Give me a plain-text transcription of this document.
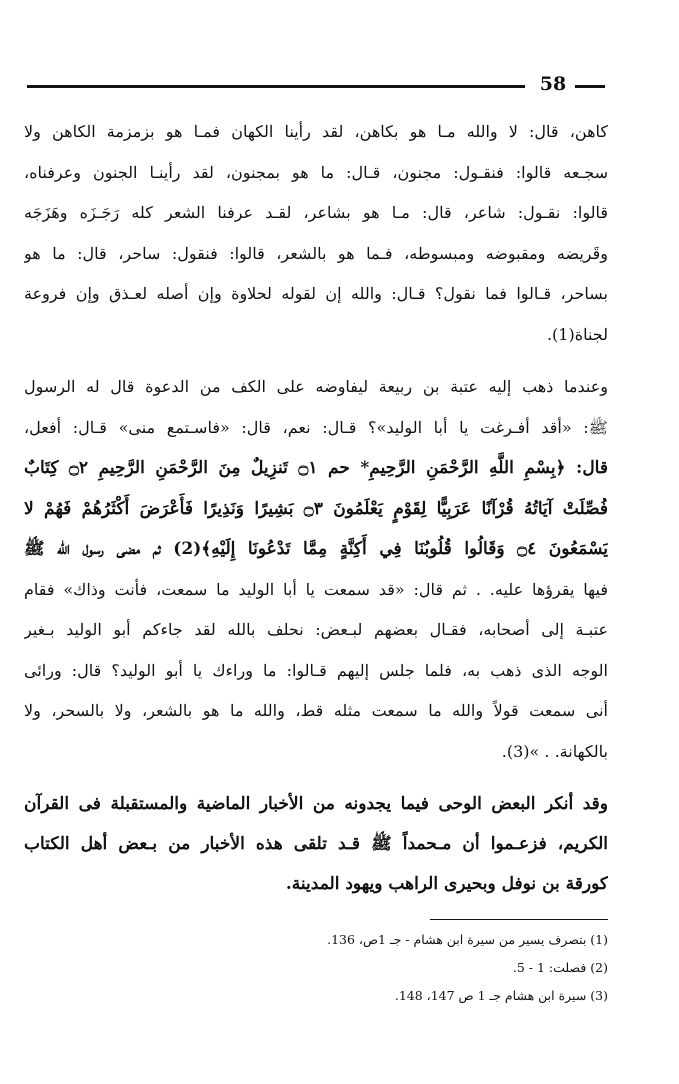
58
كاهن، قال: لا والله مـا هو بكاهن، لقد رأينا الكهان فمـا هو بزمزمة الكاهن ولا
سجـعه قالوا: فنقـول: مجنون، قـال: ما هو بمجنون، لقد رأينـا الجنون وعرفناه،
قالوا: نقـول: شاعر، قال: مـا هو بشاعر، لقـد عرفنا الشعر كله رَجَـزَه وهَزَجَه
وقَريضه ومقبوضه ومبسوطه، فـما هو بالشعر، قالوا: فنقول: ساحر، قال: ما هو
بساحر، قـالوا فما نقول؟ قـال: والله إن لقوله لحلاوة وإن أصله لعـذق وإن فروعة
لجناة(1).
وعندما ذهب إليه عتبة بن ربيعة ليفاوضه على الكف من الدعوة قال له الرسول
ﷺ: «أقد أفـرغت يا أبا الوليد»؟ قـال: نعم، قال: «فاسـتمع منى» قـال: أفعل،
قال: ﴿بِسْمِ اللَّهِ الرَّحْمَنِ الرَّحِيمِ* حم ۝١ تَنزِيلٌ مِنَ الرَّحْمَنِ الرَّحِيمِ ۝٢ كِتَابٌ
فُصِّلَتْ آيَاتُهُ قُرْآنًا عَرَبِيًّا لِقَوْمٍ يَعْلَمُونَ ۝٣ بَشِيرًا وَنَذِيرًا فَأَعْرَضَ أَكْثَرُهُمْ فَهُمْ لا
يَسْمَعُونَ ۝٤ وَقَالُوا قُلُوبُنَا فِي أَكِنَّةٍ مِمَّا تَدْعُونَا إِلَيْهِ﴾(2) ثم مضى رسول الله ﷺ
فيها يقرؤها عليه. . ثم قال: «قد سمعت يا أبا الوليد ما سمعت، فأنت وذاك» فقام
عتبـة إلى أصحابه، فقـال بعضهم لبـعض: نحلف بالله لقد جاءكم أبو الوليد بـغير
الوجه الذى ذهب به، فلما جلس إليهم قـالوا: ما وراءك يا أبو الوليد؟ قال: ورائى
أنى سمعت قولاً والله ما سمعت مثله قط، والله ما هو بالشعر، ولا بالسحر، ولا
بالكهانة. . »(3).
وقد أنكر البعض الوحى فيما يجدونه من الأخبار الماضية والمستقبلة فى القرآن
الكريم، فزعـموا أن مـحمداً ﷺ قـد تلقى هذه الأخبار من بـعض أهل الكتاب
كورقة بن نوفل وبحيرى الراهب ويهود المدينة.
(1) بتصرف يسير من سيرة ابن هشام - جـ 1ص، 136.
(2) فصلت: 1 - 5.
(3) سيرة ابن هشام جـ 1 ص 147، 148.
